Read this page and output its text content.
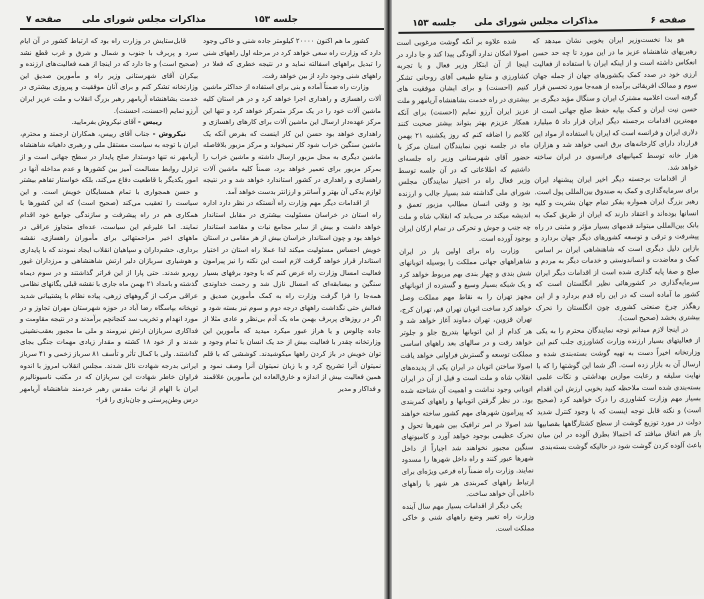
جلسه ۱۵۳
مذاکرات مجلس شورای ملی
صفحه ۷

قابل‌ستایش در وزارت راه بود که ارتباط کشور در آن ایام سرد و پربرف با جنوب و شمال و شرق و غرب قطع نشد (صحیح است) و جا دارد که در اینجا از همه فعالیت‌های ارزنده و بیکران آقای شهرستانی وزیر راه و مأمورین صدیق این وزارتخانه تشکر کنم و برای آنان موفقیت و پیروزی بیشتری در خدمت بشاهنشاه آریامهر رهبر بزرگ انقلاب و ملت عزیز ایران آرزو نمایم (احسنت، احسنت).

رییس - آقای نیکروش بفرمایید.

نیکروش - جناب آقای رییس، همکاران ارجمند و محترم، ایران با توجه به سیاست مستقل ملی و رهبری داهیانه شاهنشاه آریامهر نه تنها دوستدار صلح پایدار در سطح جهانی است و از تزلزل روابط مسالمت آمیز بین کشورها و عدم مداخله آنها در امور یکدیگر با قاطعیت دفاع می‌کند، بلکه خواستار تفاهم بیشتر و حسن همجواری با تمام همسایگان خویش است. و این سیاست را تعقیب می‌کند (صحیح است) که این کشورها با همکاری هم در راه پیشرفت و سازندگی جوامع خود اقدام نمایند. اما علیرغم این سیاست، عده‌ای متجاوز عراقی در ماههای اخیر مزاحمتهائی برای مأموران راهسازی، نقشه برداری، حشم‌داران و سپاهیان انقلاب ایجاد نمودند که با پایداری و هوشیاری سربازان دلیر ارتش شاهنشاهی و مرزداران غیور روبرو شدند. حتی پارا از این فراتر گذاشتند و در سوم دیماه گذشته و بامداد ۲۱ بهمن ماه جاری با نقشه قبلی یگانهای نظامی عراقی مرکب از گروههای زرهی، پیاده نظام با پشتیبانی شدید توپخانه بپاسگاه رضا آباد در حوزه شهرستان مهران تجاوز و در مورد انهدام و تخریب سد کنجانچم برآمدند و در نتیجه مقاومت و فداکاری سربازان ارتش نیرومند و ملی ما مجبور بعقب‌نشینی شدند و از خود ۱۸ کشته و مقدار زیادی مهمات جنگی بجای گذاشتند. ولی با کمال تأثر و تأسف ۸۱ سرباز زخمی و ۴۱ سرباز ایرانی بدرجه شهادت نائل شدند. مجلس انقلاب امروز با اندوه فراوان خاطر شهادت این سربازان که در مکتب ناسیونالیزم ایران با الهام از نیات مقدس رهبر خردمند شاهنشاه آریامهر درس وطن‌پرستی و جان‌بازی را فرا-

کشور ما هم اکنون ۲۰۰۰۰ کیلومتر جاده شنی و خاکی وجود دارد که وزارت راه سعی خواهد کرد در مرحله اول راههای شنی را تبدیل براههای اسفالته نماید و در نتیجه خطری که فعلا در راههای شنی وجود دارد از بین خواهد رفت.

وزارت راه ضمناً آماده و بنی برای استفاده از حداکثر ماشین آلات راهسازی و راهداری اجرا خواهد کرد و در هر استان کلیه ماشین آلات خود را در یک مرکز متمرکز خواهد کرد و تنها این مرکز عهده‌دار ارسال این ماشین آلات برای کارهای راهسازی و راهداری خواهد بود حسن این کار اینست که بفرض آنکه یک ماشین سنگین خراب شود کار نمیخوابد و مرکز مزبور بلافاصله ماشین دیگری به محل مزبور ارسال داشته و ماشین خراب را بمرکز مزبور برای تعمیر خواهد برد، ضمناً کلیه ماشین آلات راهسازی و راهداری در کشور استاندارد خواهد شد و در نتیجه لوازم یدکی آن بهتر و آسانتر و ارزانتر بدست خواهد آمد.

از اقدامات دیگر مهم وزارت راه آنستکه در نظر دارد اداره راه استان در خراسان مسئولیت بیشتری در مقابل استاندار خواهد داشت و بیش از سایر مجامع نیات و مقاصد استاندار خواهد بود و چون استاندار خراسان بیش از هر مقامی در استان خویش احساس مسئولیت میکند لذا عملا راه استان در اختیار استاندار قرار خواهد گرفت لازم است این نکته را نیز پیرامون فعالیت امسال وزارت راه عرض کنم که با وجود برفهای بسیار سنگین و بیسابقه‌ای که امسال نازل شد و رحمت خداوندی همه‌جا را فرا گرفت وزارت راه به کمک مأمورین صدیق و فعالش حتی نگذاشت راههای درجه دوم و سوم نیز بسته شود و اگر در روزهای پربرف بهمن ماه یک آدم بی‌نظر و عادی مثلا از جاده چالوس و یا هراز عبور میکرد میدید که مأمورین این وزارتخانه چقدر با فعالیت بیش از حد یک انسان با تمام وجود و توان خویش در باز کردن راهها میکوشیدند. کوششی که با قلم نمیتوان آنرا تشریح کرد و با زبان نمیتوان آنرا وصف نمود و همین فعالیت بیش از اندازه و خارق‌العاده این مأمورین علاقمند و فداکار و مدیر

جلسه ۱۵۳ مذاکرات مجلس شورای ملی	صفحه ۶

شده علاوه بر آنکه گوشت مرغوبی است اصولا امکان ندارد آلودگی پیدا کند و جا دارد در اینجا از آن ابتکار وزیر فعال و با تجربه کشاورزی و منابع طبیعی آقای روحانی تشکر کنیم (احسنت) و برای ایشان موفقیت های بیشتری در راه خدمت بشاهنشاه آریامهر و ملت عزیز ایران آرزو نمایم (احسنت) برای آنکه همکار عزیزم بهتر بتواند بیشتر صحبت کنند کلامم را اضافه کنم که روز یکشنبه ۲۱ بهمن ماه در جلسه نوین نمایندگان استان مرکز با حضور آقای شهرستانی وزیر راه جلسه‌ای داشتیم که اطلاعاتی که در آن جلسه توسط وزیر فعال راه در اختیار نمایندگان مجلس شورای ملی گذاشته شد بسیار جالب و ارزنده بود و وقتی انسان مطالب مزبور تعمق و اندیشه میکند در می‌یابد که انقلاب شاه و ملت چه جنب و جوش و تحرکی در تمام ارکان ایران بوجود آورده است.

وزارت راه برای اولین بار در ایران شاهراههای جهانی مملکت را بوسیله اتوبانهای شش بندی و چهار بندی بهم مربوط خواهد کرد و یک شبکه بسیار وسیع و گسترده از اتوبانهای مجهز تهران را به نقاط مهم مملکت وصل خواهد کرد ساخت اتوبان تهران قم، تهران کرج، تهران قزوین، تهران دماوند آغاز خواهد شد و هر کدام از این اتوبانها بتدریج جلو و جلوتر خواهد رفت و در سالهای بعد راههای اساسی مملکت توسعه و گسترش فراوانی خواهد یافت اصولا ساختن اتوبان در ایران یکی از پدیده‌های انقلاب شاه و ملت است و قبل از آن در ایران اتوبانی وجود نداشت و اهمیت آن شناخته شده بود. در نظر گرفتن اتوبانها و راههای کمربندی که پیرامون شهرهای مهم کشور ساخته خواهند شد اصولا در امر ترافیک بین شهرها تحول و تحرک عظیمی بوجود خواهد آورد و کامیونهای سنگین مجبور نخواهند شد اجباراً از داخل شهرها عبور کنند و راه داخل شهرها را مسدود نمایند. وزارت راه ضمناً راه فرعی ویژه‌ای برای ارتباط راههای کمربندی هر شهر با راههای داخلی آن خواهد ساخت.

یکی دیگر از اقدامات بسیار مهم سال آینده وزارت راه تغییر وضع راههای شنی و خاکی مملکت است.

هو بدا نخست‌وزیر ایران بخوبی نشان میدهد که رهبریهای شاهنشاه عزیز ما در این مورد تا چه حد حسن انعکاس داشته است و از اینکه ایران با استفاده از فعالیت ارزی خود در صدد کمک بکشورهای جهان از جمله جهان سوم و ممالک افریقائی برآمده از همه‌جا مورد تحسین قرار گرفته است اعلامیه مشترک ایران و سنگال مؤید دیگری بر حسن نیت ایران و کمک بپایه حفظ صلح جهانی است از مهمترین اقدامات برجسته دیگر ایران قرار داد ۵ میلیارد دلاری ایران و فرانسه است که ایران با استفاده از مواد این قرارداد دارای کارخانه‌های برق اتمی خواهد شد و هزاران هزار خانه توسط کمپانیهای فرانسوی در ایران ساخته خواهد شد.

از اقدامات برجسته دیگر اخیر ایران پیشنهاد ایران برای سرمایه‌گذاری و کمک به صندوق بین‌المللی پول است. رهبر بزرگ ایران همواره بفکر تمام جهان بشریت و کلیه انسانها بوده‌اند و اعتقاد دارند که ایران از طریق کمک به بانک بین‌المللی میتواند قدمهای بسیار مؤثر و مثبتی در راه پیشرفت و ترقی و توسعه کشورهای دیگر جهان بردارد و بازاین دلیل دیگری است که شاهنشاهی ایران بر اساس کمک و معاضدت و انساندوستی و خدمات دیگر به مردم و صلح و صفا پایه گذاری شده است از اقدامات دیگر ایران سرمایه‌گذاری در کشورهائی نظیر انگلستان است که کشور ما آماده است که در این راه قدم بردارد و از این رهگذر چرخ صنعتی کشوری چون انگلستان را تحرک بیشتری بخشد (صحیح است).

در اینجا لازم میدانم توجه نمایندگان محترم را به یکی از فعالیتهای بسیار ارزنده وزارت کشاورزی جلب کنم این وزارتخانه اخیراً دست به تهیه گوشت بسته‌بندی شده و ارسال آن به بازار زده است. اگر شما این گوشتها را که با نهایت سلیقه و رعایت موازین بهداشتی و نکات علمی بسته‌بندی شده است ملاحظه کنید بخوبی ارزش این اقدام بسیار مهم وزارت کشاورزی را درک خواهید کرد (صحیح است) و نکته قابل توجه اینست که با وجود کنترل شدید دولت در مورد توزیع گوشت از سطح کشتارگاهها بقصابیها باز هم اتفاق میافتد که احتمالا بطرق آلوده در این میان باعث آلوده کردن گوشت شود در حالیکه گوشت بسته‌بندی
